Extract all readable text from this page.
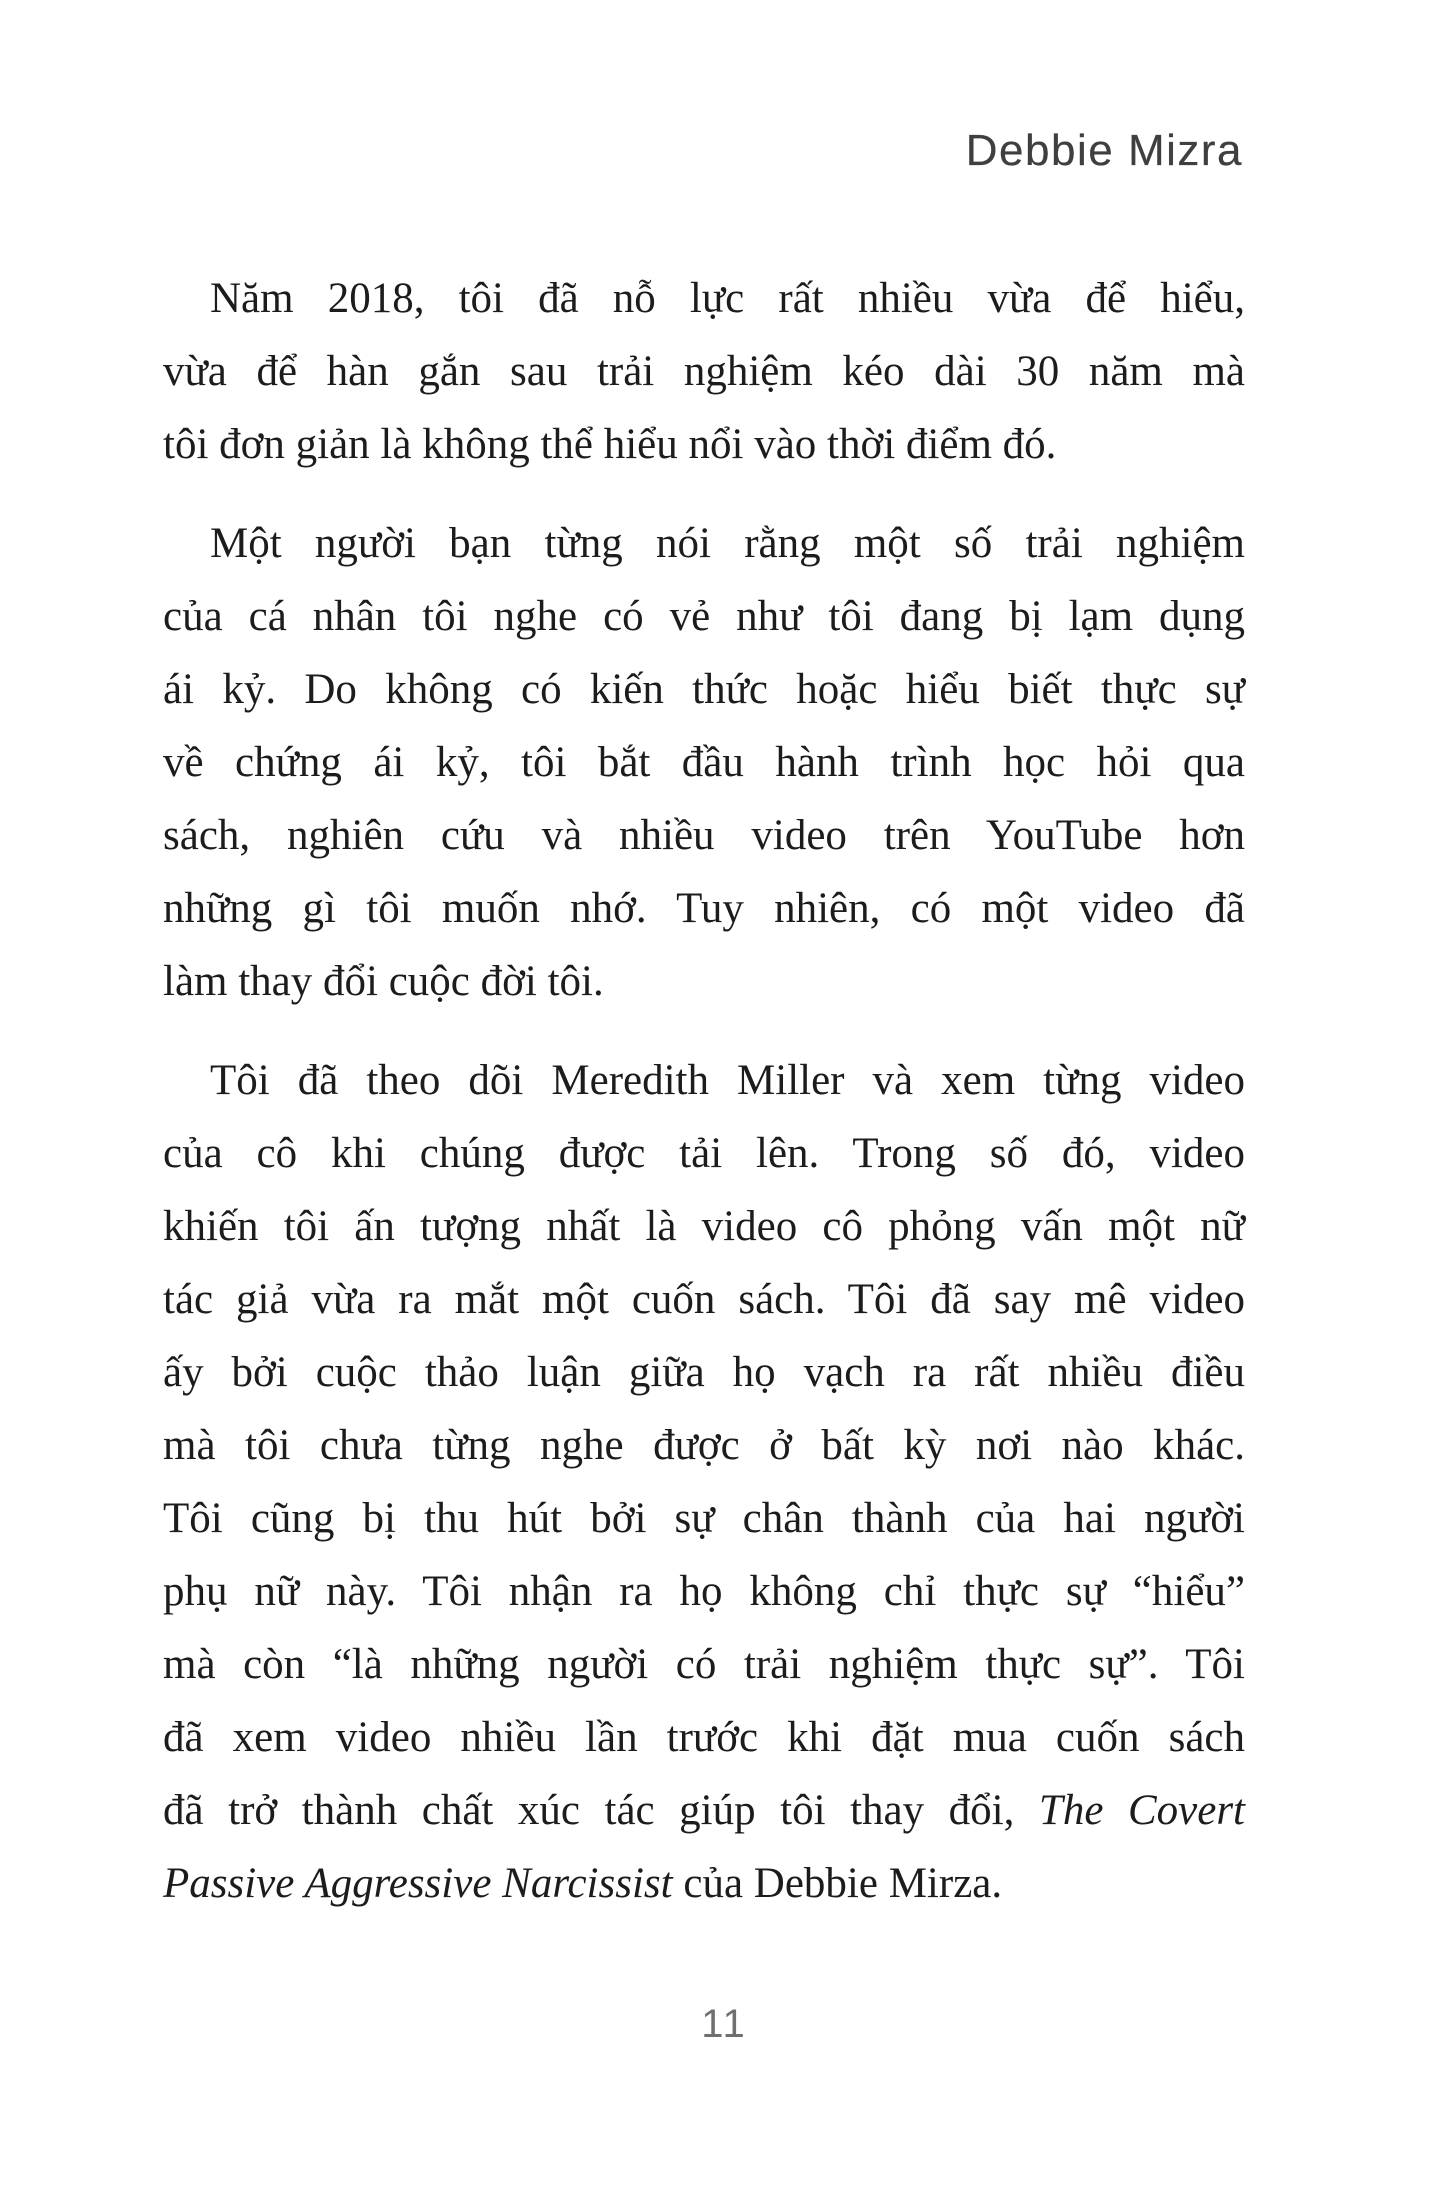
Debbie Mizra
Năm 2018, tôi đã nỗ lực rất nhiều vừa để hiểu,
vừa để hàn gắn sau trải nghiệm kéo dài 30 năm mà
tôi đơn giản là không thể hiểu nổi vào thời điểm đó.
Một người bạn từng nói rằng một số trải nghiệm
của cá nhân tôi nghe có vẻ như tôi đang bị lạm dụng
ái kỷ. Do không có kiến thức hoặc hiểu biết thực sự
về chứng ái kỷ, tôi bắt đầu hành trình học hỏi qua
sách, nghiên cứu và nhiều video trên YouTube hơn
những gì tôi muốn nhớ. Tuy nhiên, có một video đã
làm thay đổi cuộc đời tôi.
Tôi đã theo dõi Meredith Miller và xem từng video
của cô khi chúng được tải lên. Trong số đó, video
khiến tôi ấn tượng nhất là video cô phỏng vấn một nữ
tác giả vừa ra mắt một cuốn sách. Tôi đã say mê video
ấy bởi cuộc thảo luận giữa họ vạch ra rất nhiều điều
mà tôi chưa từng nghe được ở bất kỳ nơi nào khác.
Tôi cũng bị thu hút bởi sự chân thành của hai người
phụ nữ này. Tôi nhận ra họ không chỉ thực sự “hiểu”
mà còn “là những người có trải nghiệm thực sự”. Tôi
đã xem video nhiều lần trước khi đặt mua cuốn sách
đã trở thành chất xúc tác giúp tôi thay đổi, The Covert
Passive Aggressive Narcissist của Debbie Mirza.
11
